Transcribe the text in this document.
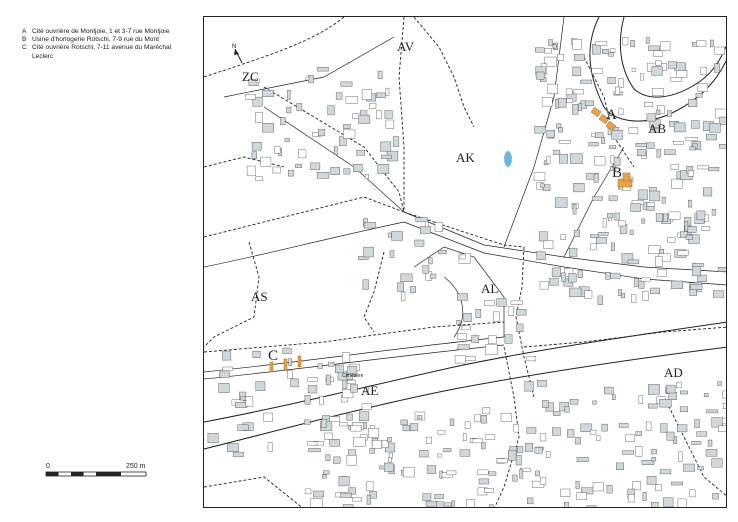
A Cité ouvrière de Montjoie, 1 et 3-7 rue Montjoie
B Usine d'horlogerie Rotschi, 7-9 rue du Mont
C Cité ouvrière Rotschi, 7-11 avenue du Maréchal Leclerc
0	250 m
N	AV
ZC
AK
AB
AS
AL
AE
AD
A
B
C
Cimetière
